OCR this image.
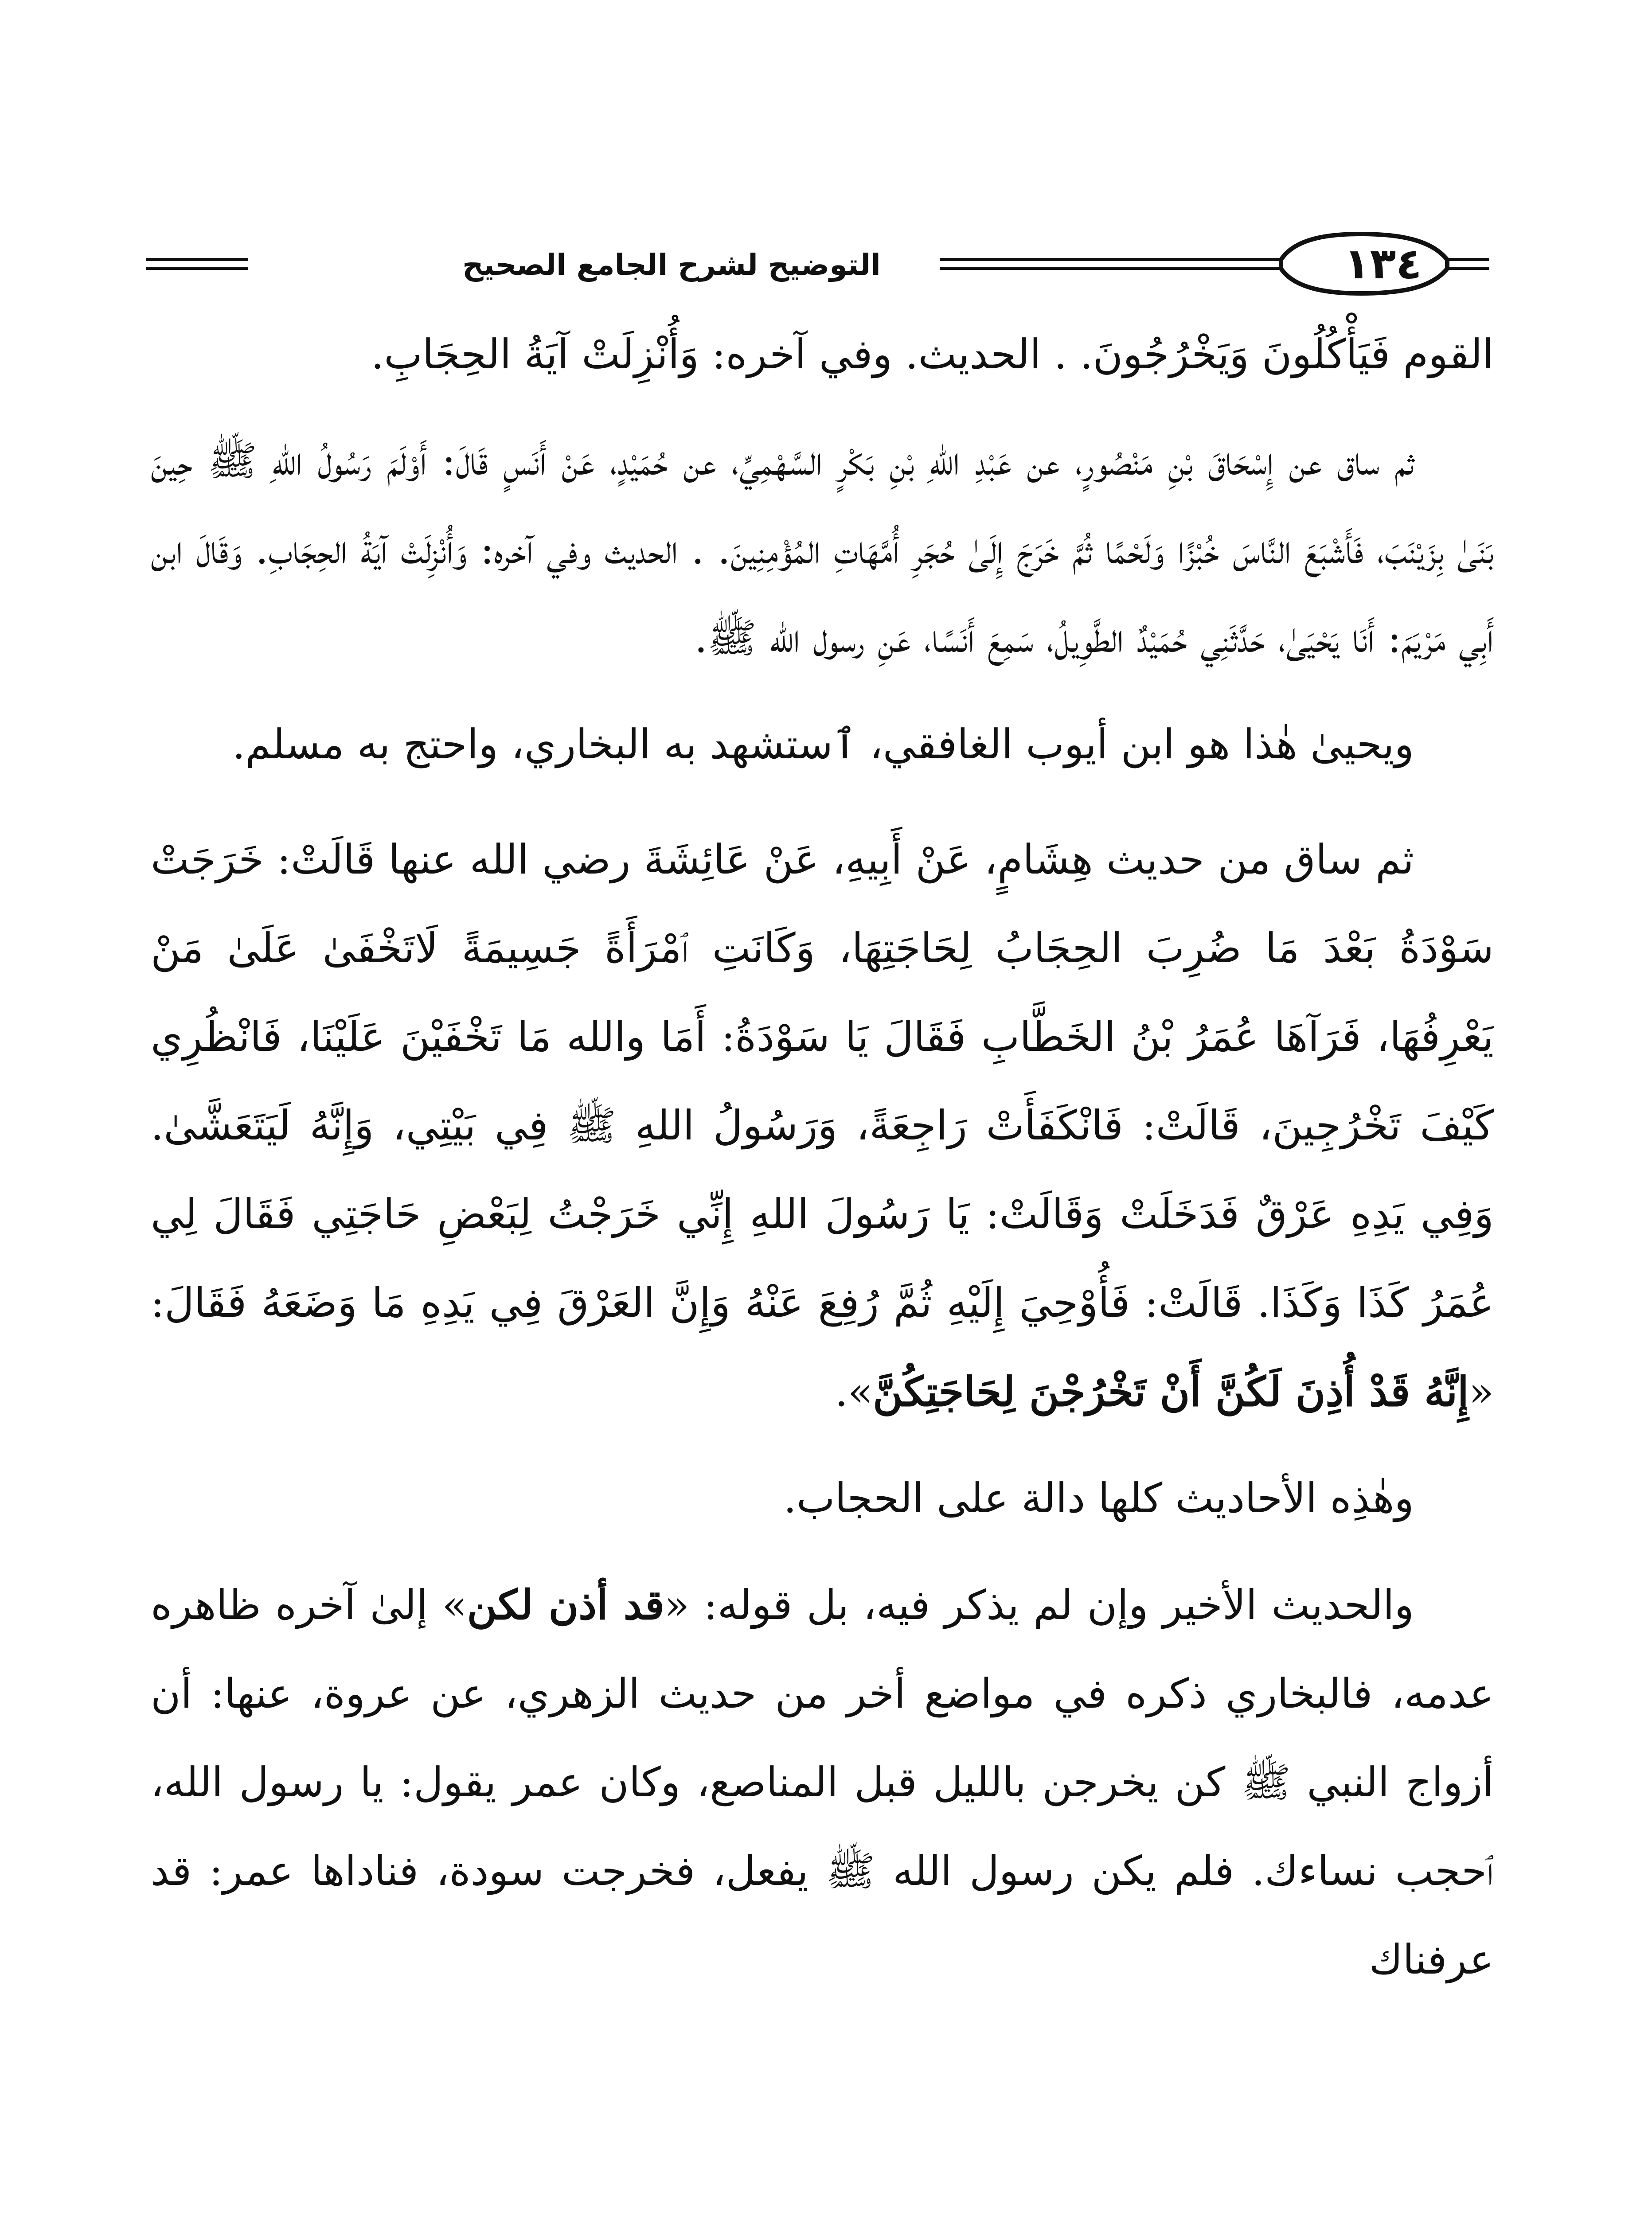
١٣٤
التوضيح لشرح الجامع الصحيح

القوم فَيَأْكُلُونَ وَيَخْرُجُونَ. . الحديث. وفي آخره: وَأُنْزِلَتْ آيَةُ الحِجَابِ.

ثم ساق عن إِسْحَاقَ بْنِ مَنْصُورٍ، عن عَبْدِ اللهِ بْنِ بَكْرٍ السَّهْمِيِّ، عن حُمَيْدٍ، عَنْ أَنَسٍ قَالَ: أَوْلَمَ رَسُولُ اللهِ ﷺ حِينَ بَنَىٰ بِزَيْنَبَ، فَأَشْبَعَ النَّاسَ خُبْزًا وَلَحْمًا ثُمَّ خَرَجَ إِلَىٰ حُجَرِ أُمَّهَاتِ المُؤْمِنِينَ. . الحديث وفي آخره: وَأُنْزِلَتْ آيَةُ الحِجَابِ. وَقَالَ ابن أَبِي مَرْيَمَ: أَنَا يَحْيَىٰ، حَدَّثَنِي حُمَيْدٌ الطَّوِيلُ، سَمِعَ أَنَسًا، عَنِ رسول الله ﷺ.

ويحيىٰ هٰذا هو ابن أيوب الغافقي، ٱستشهد به البخاري، واحتج به مسلم.

ثم ساق من حديث هِشَامٍ، عَنْ أَبِيهِ، عَنْ عَائِشَةَ رضي الله عنها قَالَتْ: خَرَجَتْ سَوْدَةُ بَعْدَ مَا ضُرِبَ الحِجَابُ لِحَاجَتِهَا، وَكَانَتِ ٱمْرَأَةً جَسِيمَةً لَاتَخْفَىٰ عَلَىٰ مَنْ يَعْرِفُهَا، فَرَآهَا عُمَرُ بْنُ الخَطَّابِ فَقَالَ يَا سَوْدَةُ: أَمَا والله مَا تَخْفَيْنَ عَلَيْنَا، فَانْظُرِي كَيْفَ تَخْرُجِينَ، قَالَتْ: فَانْكَفَأَتْ رَاجِعَةً، وَرَسُولُ اللهِ ﷺ فِي بَيْتِي، وَإِنَّهُ لَيَتَعَشَّىٰ. وَفِي يَدِهِ عَرْقٌ فَدَخَلَتْ وَقَالَتْ: يَا رَسُولَ اللهِ إِنِّي خَرَجْتُ لِبَعْضِ حَاجَتِي فَقَالَ لِي عُمَرُ كَذَا وَكَذَا. قَالَتْ: فَأُوْحِيَ إِلَيْهِ ثُمَّ رُفِعَ عَنْهُ وَإِنَّ العَرْقَ فِي يَدِهِ مَا وَضَعَهُ فَقَالَ: «إِنَّهُ قَدْ أُذِنَ لَكُنَّ أَنْ تَخْرُجْنَ لِحَاجَتِكُنَّ».

وهٰذِه الأحاديث كلها دالة على الحجاب.

والحديث الأخير وإن لم يذكر فيه، بل قوله: «قد أذن لكن» إلىٰ آخره ظاهره عدمه، فالبخاري ذكره في مواضع أخر من حديث الزهري، عن عروة، عنها: أن أزواج النبي ﷺ كن يخرجن بالليل قبل المناصع، وكان عمر يقول: يا رسول الله، ٱحجب نساءك. فلم يكن رسول الله ﷺ يفعل، فخرجت سودة، فناداها عمر: قد عرفناك
